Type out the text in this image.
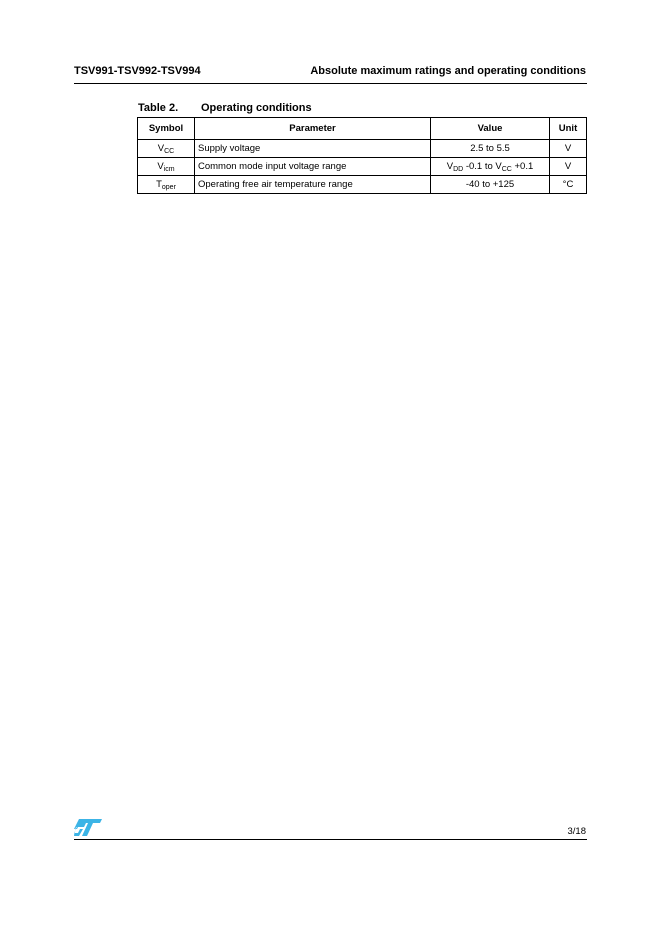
TSV991-TSV992-TSV994	Absolute maximum ratings and operating conditions
Table 2. Operating conditions
Symbol	Parameter	Value	Unit
$V_{CC}$	Supply voltage	2.5 to 5.5	V
$V_{icm}$	Common mode input voltage range	$V_{DD}$ -0.1 to $V_{CC} +0.1$	V
$T_{oper}$	Operating free air temperature range	-40 to +125	°C
3/18
